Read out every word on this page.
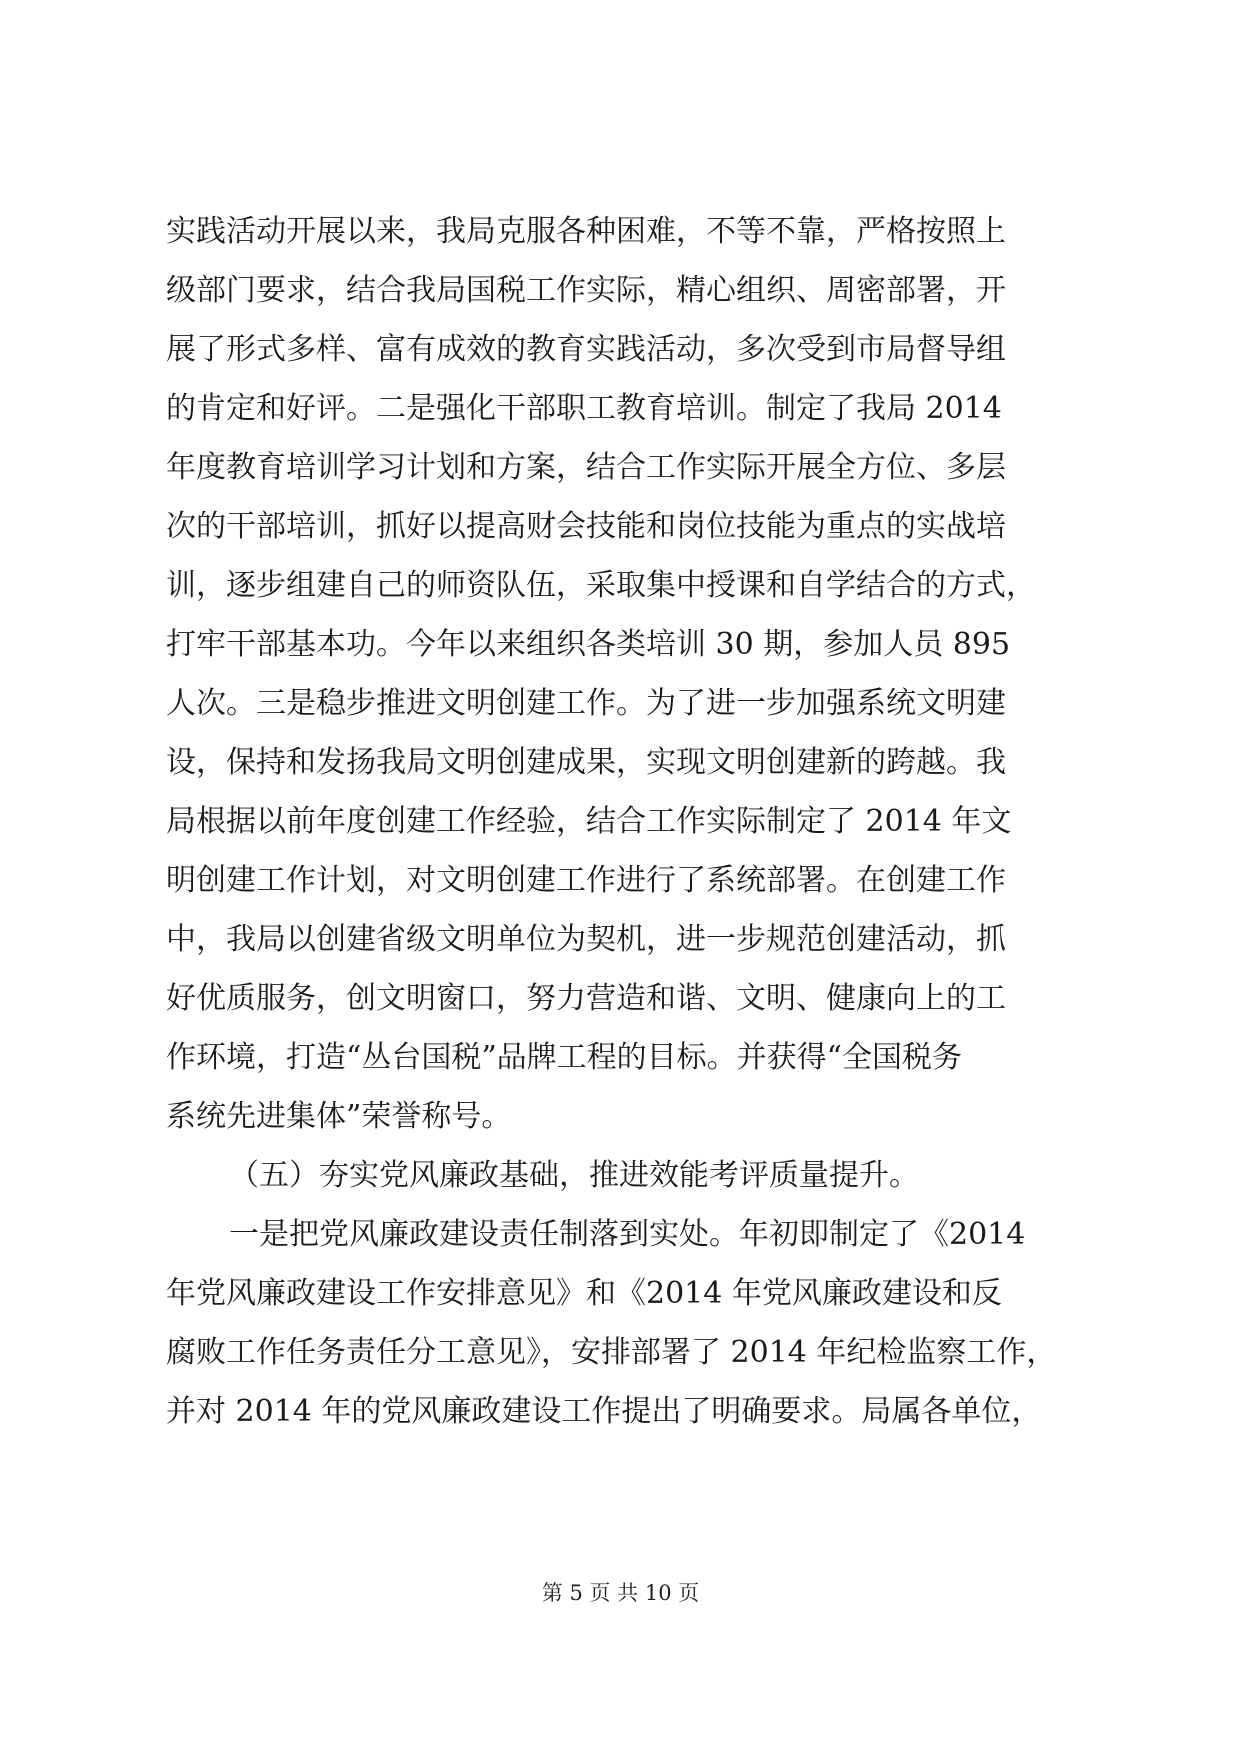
实践活动开展以来，我局克服各种困难，不等不靠，严格按照上
级部门要求，结合我局国税工作实际，精心组织、周密部署，开
展了形式多样、富有成效的教育实践活动，多次受到市局督导组
的肯定和好评。二是强化干部职工教育培训。制定了我局 2014
年度教育培训学习计划和方案，结合工作实际开展全方位、多层
次的干部培训，抓好以提高财会技能和岗位技能为重点的实战培
训，逐步组建自己的师资队伍，采取集中授课和自学结合的方式，
打牢干部基本功。今年以来组织各类培训 30 期，参加人员 895
人次。三是稳步推进文明创建工作。为了进一步加强系统文明建
设，保持和发扬我局文明创建成果，实现文明创建新的跨越。我
局根据以前年度创建工作经验，结合工作实际制定了 2014 年文
明创建工作计划，对文明创建工作进行了系统部署。在创建工作
中，我局以创建省级文明单位为契机，进一步规范创建活动，抓
好优质服务，创文明窗口，努力营造和谐、文明、健康向上的工
作环境，打造“丛台国税”品牌工程的目标。并获得“全国税务
系统先进集体”荣誉称号。
（五）夯实党风廉政基础，推进效能考评质量提升。
一是把党风廉政建设责任制落到实处。年初即制定了《2014
年党风廉政建设工作安排意见》和《2014 年党风廉政建设和反
腐败工作任务责任分工意见》，安排部署了 2014 年纪检监察工作，
并对 2014 年的党风廉政建设工作提出了明确要求。局属各单位，
第 5 页 共 10 页
